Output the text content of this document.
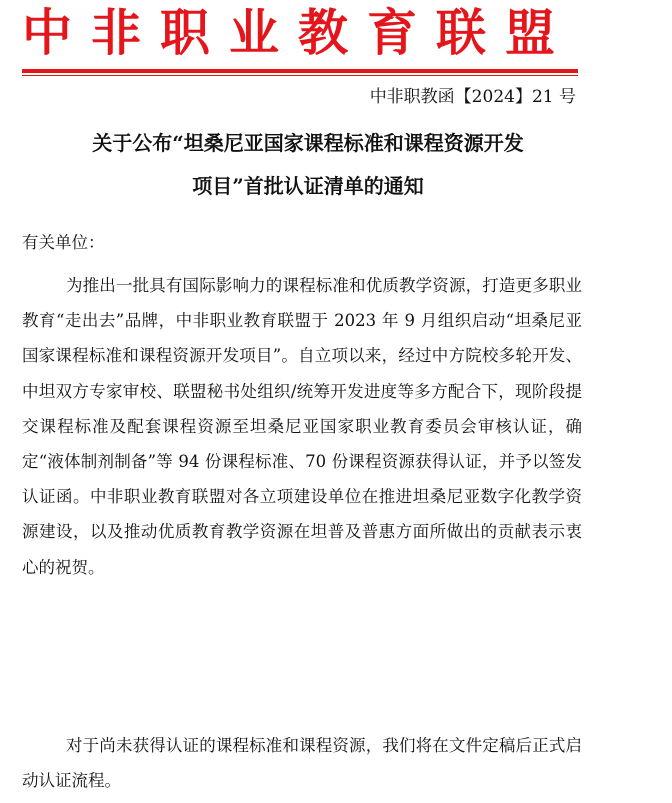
中非职业教育联盟
中非职教函【2024】21 号
关于公布“坦桑尼亚国家课程标准和课程资源开发
项目”首批认证清单的通知
有关单位：

为推出一批具有国际影响力的课程标准和优质教学资源，打造更多职业教育“走出去”品牌，中非职业教育联盟于 2023 年 9 月组织启动“坦桑尼亚国家课程标准和课程资源开发项目”。自立项以来，经过中方院校多轮开发、中坦双方专家审校、联盟秘书处组织/统筹开发进度等多方配合下，现阶段提交课程标准及配套课程资源至坦桑尼亚国家职业教育委员会审核认证，确定“液体制剂制备”等 94 份课程标准、70 份课程资源获得认证，并予以签发认证函。中非职业教育联盟对各立项建设单位在推进坦桑尼亚数字化教学资源建设，以及推动优质教育教学资源在坦普及普惠方面所做出的贡献表示衷心的祝贺。

对于尚未获得认证的课程标准和课程资源，我们将在文件定稿后正式启动认证流程。
